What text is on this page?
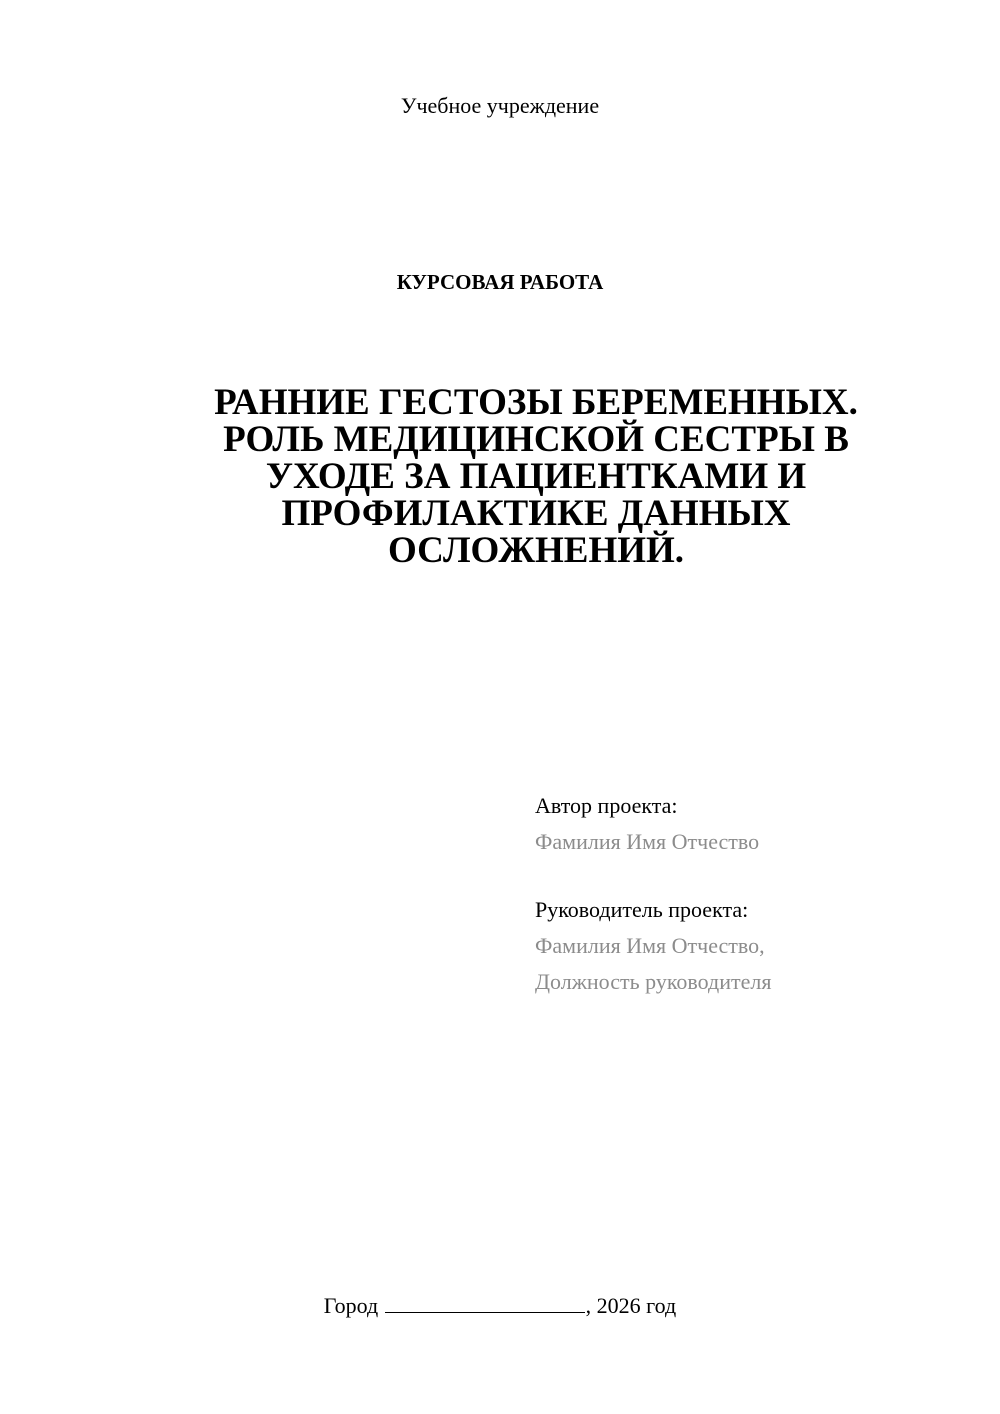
Учебное учреждение
КУРСОВАЯ РАБОТА
РАННИЕ ГЕСТОЗЫ БЕРЕМЕННЫХ.
РОЛЬ МЕДИЦИНСКОЙ СЕСТРЫ В
УХОДЕ ЗА ПАЦИЕНТКАМИ И
ПРОФИЛАКТИКЕ ДАННЫХ
ОСЛОЖНЕНИЙ.
Автор проекта:
Фамилия Имя Отчество
Руководитель проекта:
Фамилия Имя Отчество,
Должность руководителя
Город	, 2026 год
